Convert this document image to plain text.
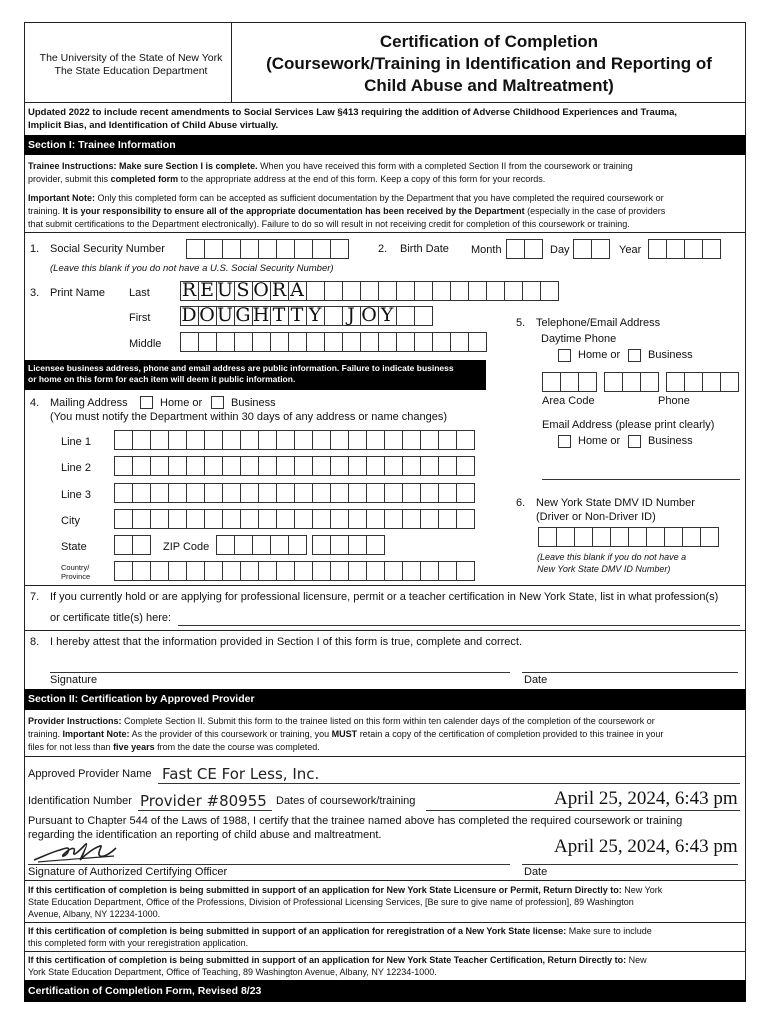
The University of the State of New York
The State Education Department
Certification of Completion
(Coursework/Training in Identification and Reporting of
Child Abuse and Maltreatment)
Updated 2022 to include recent amendments to Social Services Law §413 requiring the addition of Adverse Childhood Experiences and Trauma,
Implicit Bias, and Identification of Child Abuse virtually.
Section I: Trainee Information
Trainee Instructions: Make sure Section I is complete. When you have received this form with a completed Section II from the coursework or training
provider, submit this completed form to the appropriate address at the end of this form. Keep a copy of this form for your records.
Important Note: Only this completed form can be accepted as sufficient documentation by the Department that you have completed the required coursework or
training. It is your responsibility to ensure all of the appropriate documentation has been received by the Department (especially in the case of providers
that submit certifications to the Department electronically). Failure to do so will result in not receiving credit for completion of this coursework or training.
1. Social Security Number
(Leave this blank if you do not have a U.S. Social Security Number)
2. Birth Date Month	Day	Year
3. Print Name Last R E U S O R A
First D O U G H T T Y J O Y
Middle
5. Telephone/Email Address
Daytime Phone
Home or	Business
Area Code	Phone
Email Address (please print clearly)
Home or	Business
Licensee business address, phone and email address are public information. Failure to indicate business
or home on this form for each item will deem it public information.
4. Mailing Address	Home or	Business
(You must notify the Department within 30 days of any address or name changes)
Line 1
Line 2
Line 3
City
State	ZIP Code
Country/
Province
6. New York State DMV ID Number
(Driver or Non-Driver ID)
(Leave this blank if you do not have a
New York State DMV ID Number)
7. If you currently hold or are applying for professional licensure, permit or a teacher certification in New York State, list in what profession(s)
or certificate title(s) here:
8. I hereby attest that the information provided in Section I of this form is true, complete and correct.
Signature	Date
Section II: Certification by Approved Provider
Provider Instructions: Complete Section II. Submit this form to the trainee listed on this form within ten calender days of the completion of the coursework or
training. Important Note: As the provider of this coursework or training, you MUST retain a copy of the certification of completion provided to this trainee in your
files for not less than five years from the date the course was completed.
Approved Provider Name Fast CE For Less, Inc.
Identification Number Provider #80955 Dates of coursework/training	April 25, 2024, 6:43 pm
Pursuant to Chapter 544 of the Laws of 1988, I certify that the trainee named above has completed the required coursework or training
regarding the identification an reporting of child abuse and maltreatment.
April 25, 2024, 6:43 pm
Signature of Authorized Certifying Officer	Date
If this certification of completion is being submitted in support of an application for New York State Licensure or Permit, Return Directly to: New York
State Education Department, Office of the Professions, Division of Professional Licensing Services, [Be sure to give name of profession], 89 Washington
Avenue, Albany, NY 12234-1000.
If this certification of completion is being submitted in support of an application for reregistration of a New York State license: Make sure to include
this completed form with your reregistration application.
If this certification of completion is being submitted in support of an application for New York State Teacher Certification, Return Directly to: New
York State Education Department, Office of Teaching, 89 Washington Avenue, Albany, NY 12234-1000.
Certification of Completion Form, Revised 8/23
